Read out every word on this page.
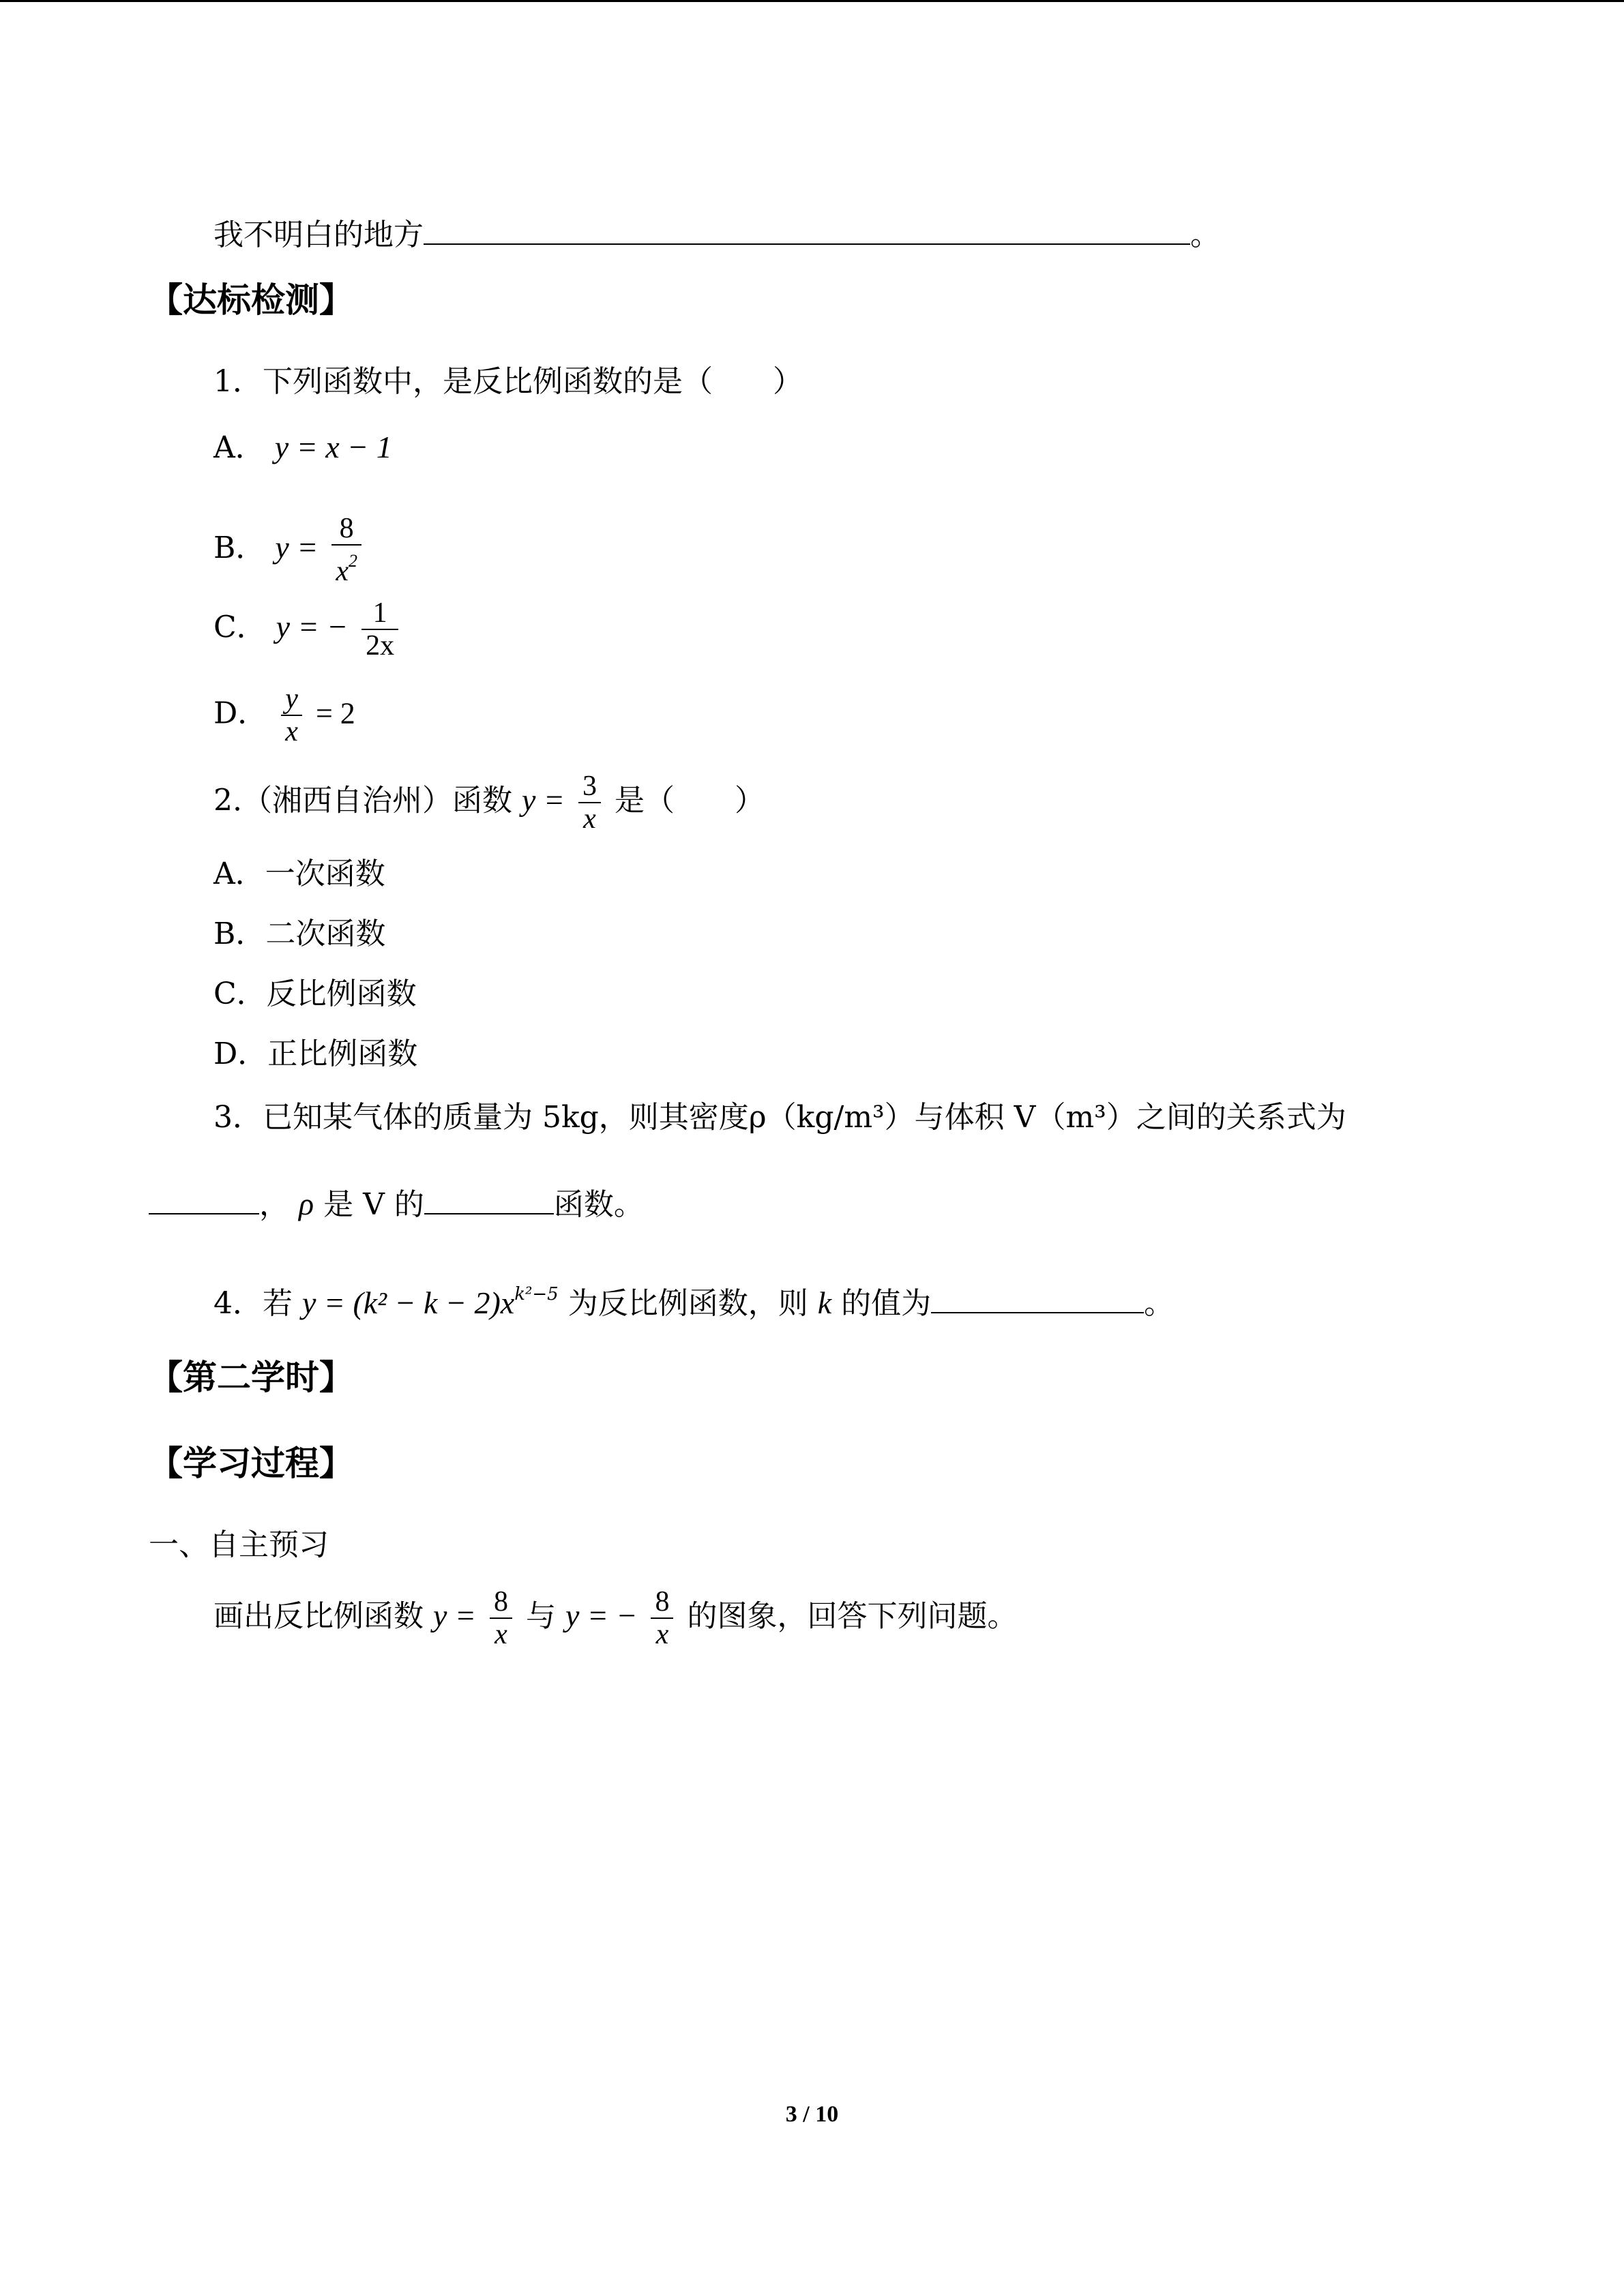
我不明白的地方	。
【达标检测】
1．下列函数中，是反比例函数的是（　　）
A． y = x − 1
B． $y = \frac{8}{x^2}$
C． y = − $\frac{1}{2x}$
D． $\frac{y}{x} = 2$
2.（湘西自治州）函数 $y = \frac{3}{x}$ 是（　　）
A．一次函数
B．二次函数
C．反比例函数
D．正比例函数
3．已知某气体的质量为 5kg，则其密度ρ（kg/m³）与体积 V（m³）之间的关系式为
， ρ 是 V 的	函数。
4．若 $y = (k^2 - k - 2)x^{k^2-5}$ 为反比例函数，则 k 的值为	。
【第二学时】
【学习过程】
一、自主预习
画出反比例函数 $y = \frac{8}{x}$ 与 y = − $\frac{8}{x}$ 的图象，回答下列问题。
3 / 10
